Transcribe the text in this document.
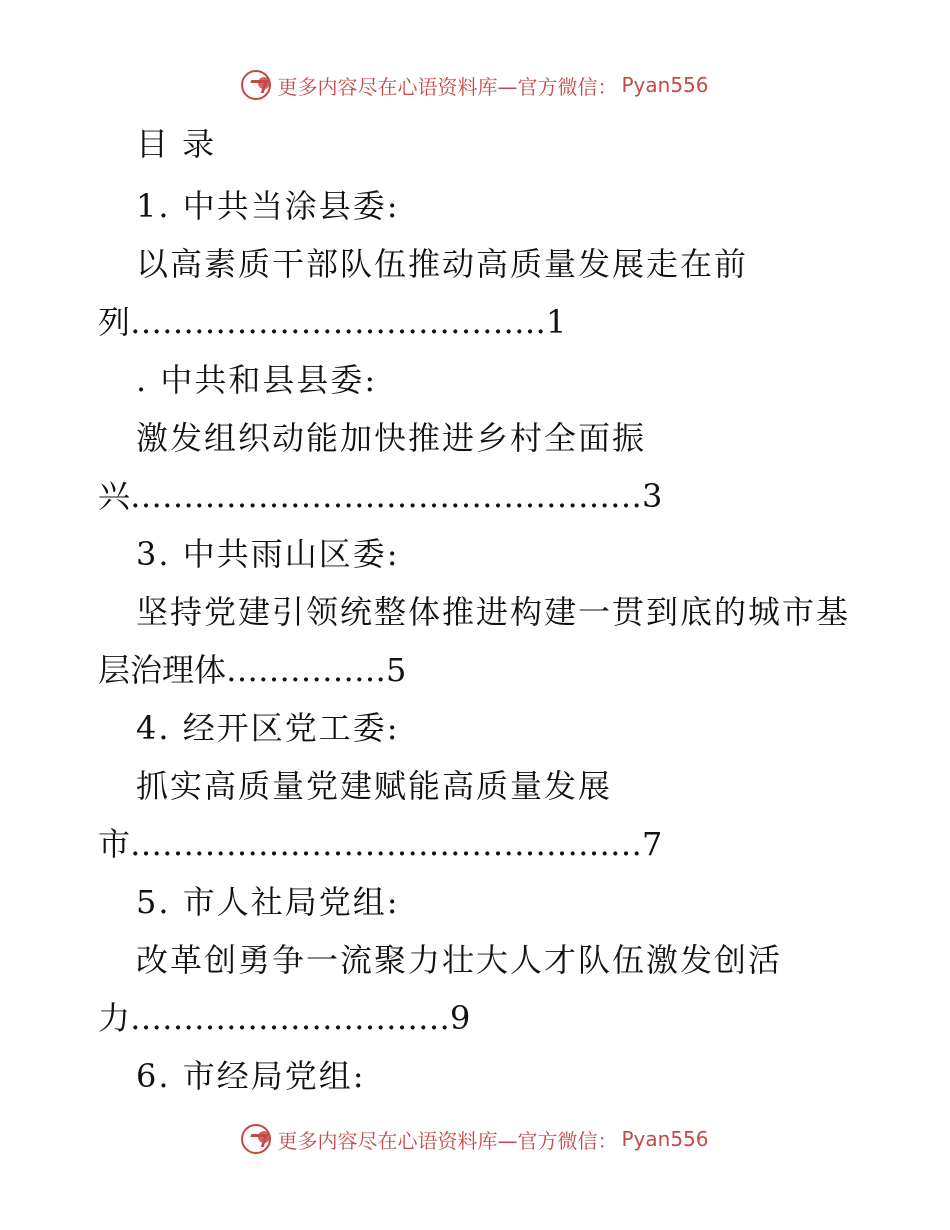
更多内容尽在心语资料库—官方微信： Pyan556
目 录
1. 中共当涂县委:
以高素质干部队伍推动高质量发展走在前
列…………………………………1
. 中共和县县委:
激发组织动能加快推进乡村全面振
兴…………………………………………3
3. 中共雨山区委:
坚持党建引领统整体推进构建一贯到底的城市基
层治理体……………5
4. 经开区党工委:
抓实高质量党建赋能高质量发展
市…………………………………………7
5. 市人社局党组:
改革创勇争一流聚力壮大人才队伍激发创活
力…………………………9
6. 市经局党组:
更多内容尽在心语资料库—官方微信： Pyan556
